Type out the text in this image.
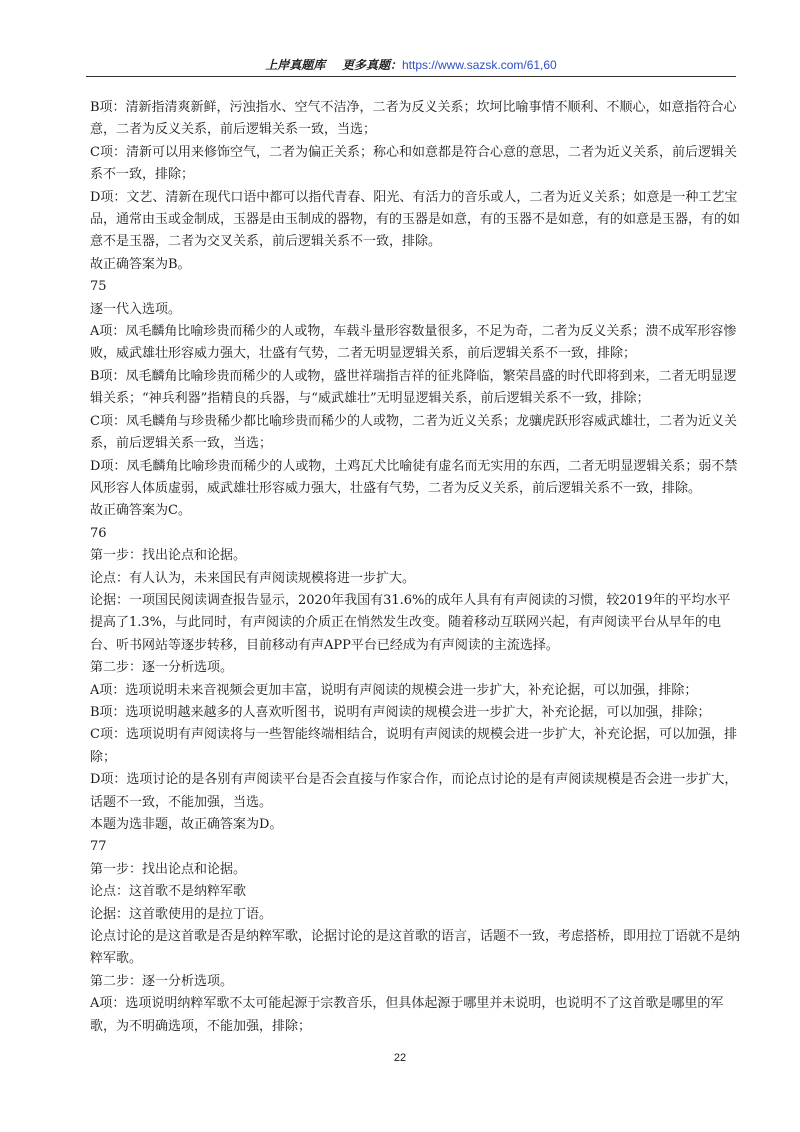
上岸真题库 更多真题：https://www.sazsk.com/61,60

B项：清新指清爽新鲜，污浊指水、空气不洁净，二者为反义关系；坎坷比喻事情不顺利、不顺心，如意指符合心意，二者为反义关系，前后逻辑关系一致，当选；

C项：清新可以用来修饰空气，二者为偏正关系；称心和如意都是符合心意的意思，二者为近义关系，前后逻辑关系不一致，排除；

D项：文艺、清新在现代口语中都可以指代青春、阳光、有活力的音乐或人，二者为近义关系；如意是一种工艺宝品，通常由玉或金制成，玉器是由玉制成的器物，有的玉器是如意，有的玉器不是如意，有的如意是玉器，有的如意不是玉器，二者为交叉关系，前后逻辑关系不一致，排除。

故正确答案为B。

75

逐一代入选项。

A项：凤毛麟角比喻珍贵而稀少的人或物，车载斗量形容数量很多，不足为奇，二者为反义关系；溃不成军形容惨败，威武雄壮形容威力强大，壮盛有气势，二者无明显逻辑关系，前后逻辑关系不一致，排除；

B项：凤毛麟角比喻珍贵而稀少的人或物，盛世祥瑞指吉祥的征兆降临，繁荣昌盛的时代即将到来，二者无明显逻辑关系；“神兵利器”指精良的兵器，与“威武雄壮”无明显逻辑关系，前后逻辑关系不一致，排除；

C项：凤毛麟角与珍贵稀少都比喻珍贵而稀少的人或物，二者为近义关系；龙骧虎跃形容威武雄壮，二者为近义关系，前后逻辑关系一致，当选；

D项：凤毛麟角比喻珍贵而稀少的人或物，土鸡瓦犬比喻徒有虚名而无实用的东西，二者无明显逻辑关系；弱不禁风形容人体质虚弱，威武雄壮形容威力强大，壮盛有气势，二者为反义关系，前后逻辑关系不一致，排除。

故正确答案为C。

76

第一步：找出论点和论据。

论点：有人认为，未来国民有声阅读规模将进一步扩大。

论据：一项国民阅读调查报告显示，2020年我国有31.6%的成年人具有有声阅读的习惯，较2019年的平均水平提高了1.3%，与此同时，有声阅读的介质正在悄然发生改变。随着移动互联网兴起，有声阅读平台从早年的电台、听书网站等逐步转移，目前移动有声APP平台已经成为有声阅读的主流选择。

第二步：逐一分析选项。

A项：选项说明未来音视频会更加丰富，说明有声阅读的规模会进一步扩大，补充论据，可以加强，排除；

B项：选项说明越来越多的人喜欢听图书，说明有声阅读的规模会进一步扩大，补充论据，可以加强，排除；

C项：选项说明有声阅读将与一些智能终端相结合，说明有声阅读的规模会进一步扩大，补充论据，可以加强，排除；

D项：选项讨论的是各别有声阅读平台是否会直接与作家合作，而论点讨论的是有声阅读规模是否会进一步扩大，话题不一致，不能加强，当选。

本题为选非题，故正确答案为D。

77

第一步：找出论点和论据。

论点：这首歌不是纳粹军歌

论据：这首歌使用的是拉丁语。

论点讨论的是这首歌是否是纳粹军歌，论据讨论的是这首歌的语言，话题不一致，考虑搭桥，即用拉丁语就不是纳粹军歌。

第二步：逐一分析选项。

A项：选项说明纳粹军歌不太可能起源于宗教音乐，但具体起源于哪里并未说明，也说明不了这首歌是哪里的军歌，为不明确选项，不能加强，排除；

22
